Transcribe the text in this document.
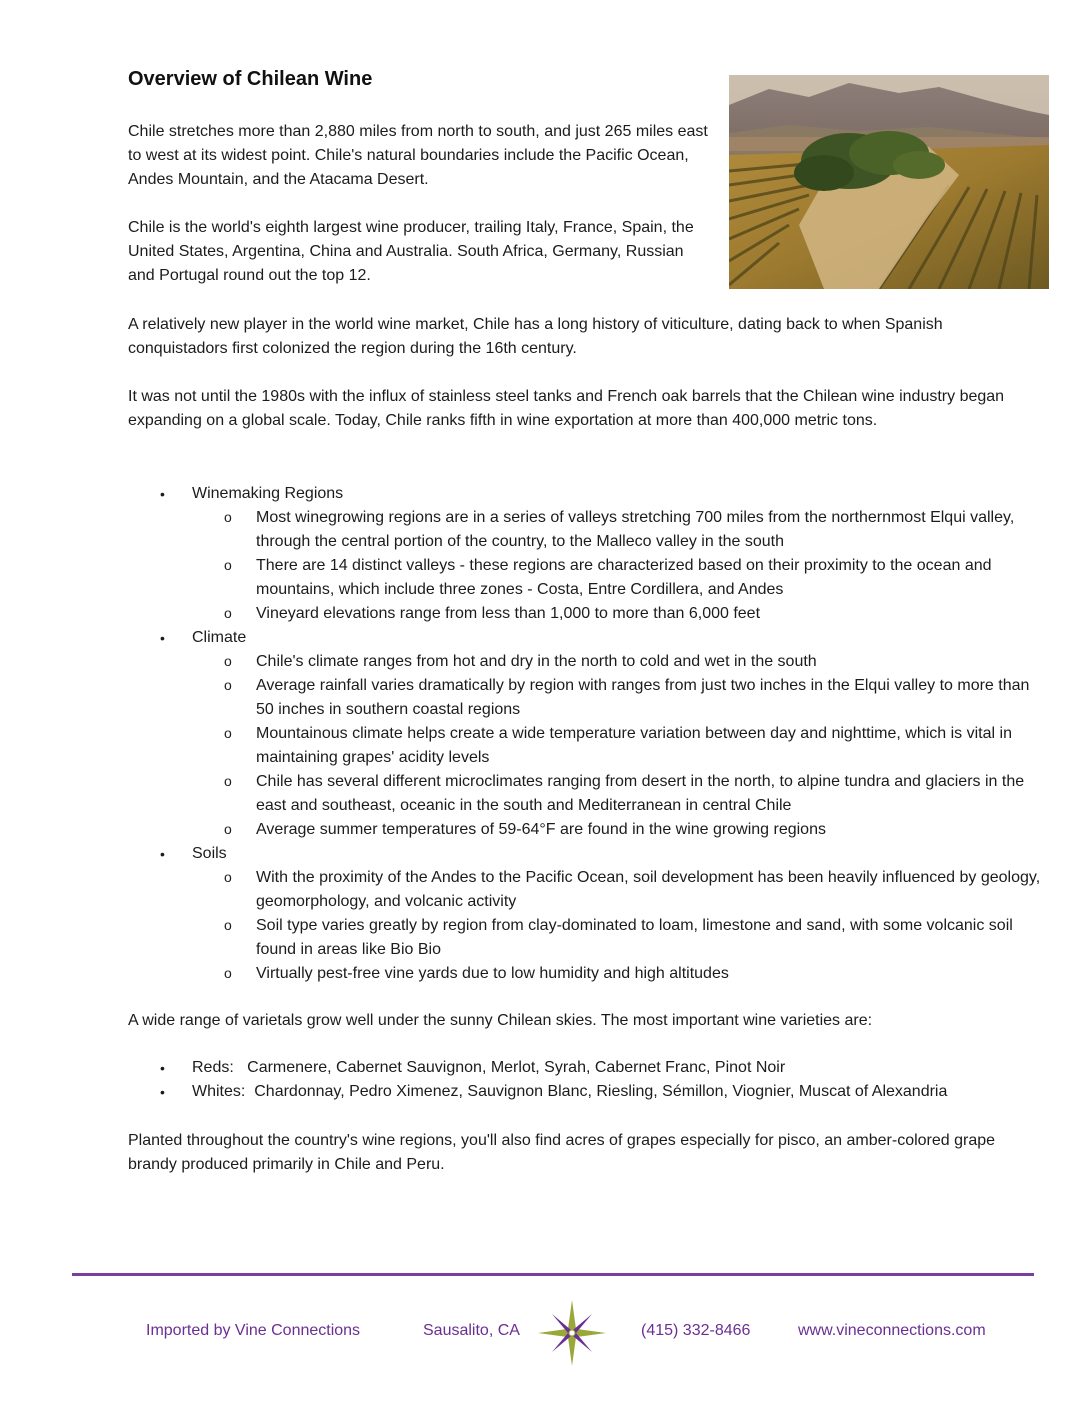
Overview of Chilean Wine
Chile stretches more than 2,880 miles from north to south, and just 265 miles east to west at its widest point. Chile's natural boundaries include the Pacific Ocean, Andes Mountain, and the Atacama Desert.
Chile is the world's eighth largest wine producer, trailing Italy, France, Spain, the United States, Argentina, China and Australia. South Africa, Germany, Russian and Portugal round out the top 12.
A relatively new player in the world wine market, Chile has a long history of viticulture, dating back to when Spanish conquistadors first colonized the region during the 16th century.
It was not until the 1980s with the influx of stainless steel tanks and French oak barrels that the Chilean wine industry began expanding on a global scale. Today, Chile ranks fifth in wine exportation at more than 400,000 metric tons.
• Winemaking Regions
o Most winegrowing regions are in a series of valleys stretching 700 miles from the northernmost Elqui valley, through the central portion of the country, to the Malleco valley in the south
o There are 14 distinct valleys - these regions are characterized based on their proximity to the ocean and mountains, which include three zones - Costa, Entre Cordillera, and Andes
o Vineyard elevations range from less than 1,000 to more than 6,000 feet
• Climate
o Chile's climate ranges from hot and dry in the north to cold and wet in the south
o Average rainfall varies dramatically by region with ranges from just two inches in the Elqui valley to more than 50 inches in southern coastal regions
o Mountainous climate helps create a wide temperature variation between day and nighttime, which is vital in maintaining grapes' acidity levels
o Chile has several different microclimates ranging from desert in the north, to alpine tundra and glaciers in the east and southeast, oceanic in the south and Mediterranean in central Chile
o Average summer temperatures of 59-64°F are found in the wine growing regions
• Soils
o With the proximity of the Andes to the Pacific Ocean, soil development has been heavily influenced by geology, geomorphology, and volcanic activity
o Soil type varies greatly by region from clay-dominated to loam, limestone and sand, with some volcanic soil found in areas like Bio Bio
o Virtually pest-free vine yards due to low humidity and high altitudes
A wide range of varietals grow well under the sunny Chilean skies. The most important wine varieties are:
• Reds:   Carmenere, Cabernet Sauvignon, Merlot, Syrah, Cabernet Franc, Pinot Noir
• Whites:  Chardonnay, Pedro Ximenez, Sauvignon Blanc, Riesling, Sémillon, Viognier, Muscat of Alexandria
Planted throughout the country's wine regions, you'll also find acres of grapes especially for pisco, an amber-colored grape brandy produced primarily in Chile and Peru.
Imported by Vine Connections	Sausalito, CA	(415) 332-8466	www.vineconnections.com
